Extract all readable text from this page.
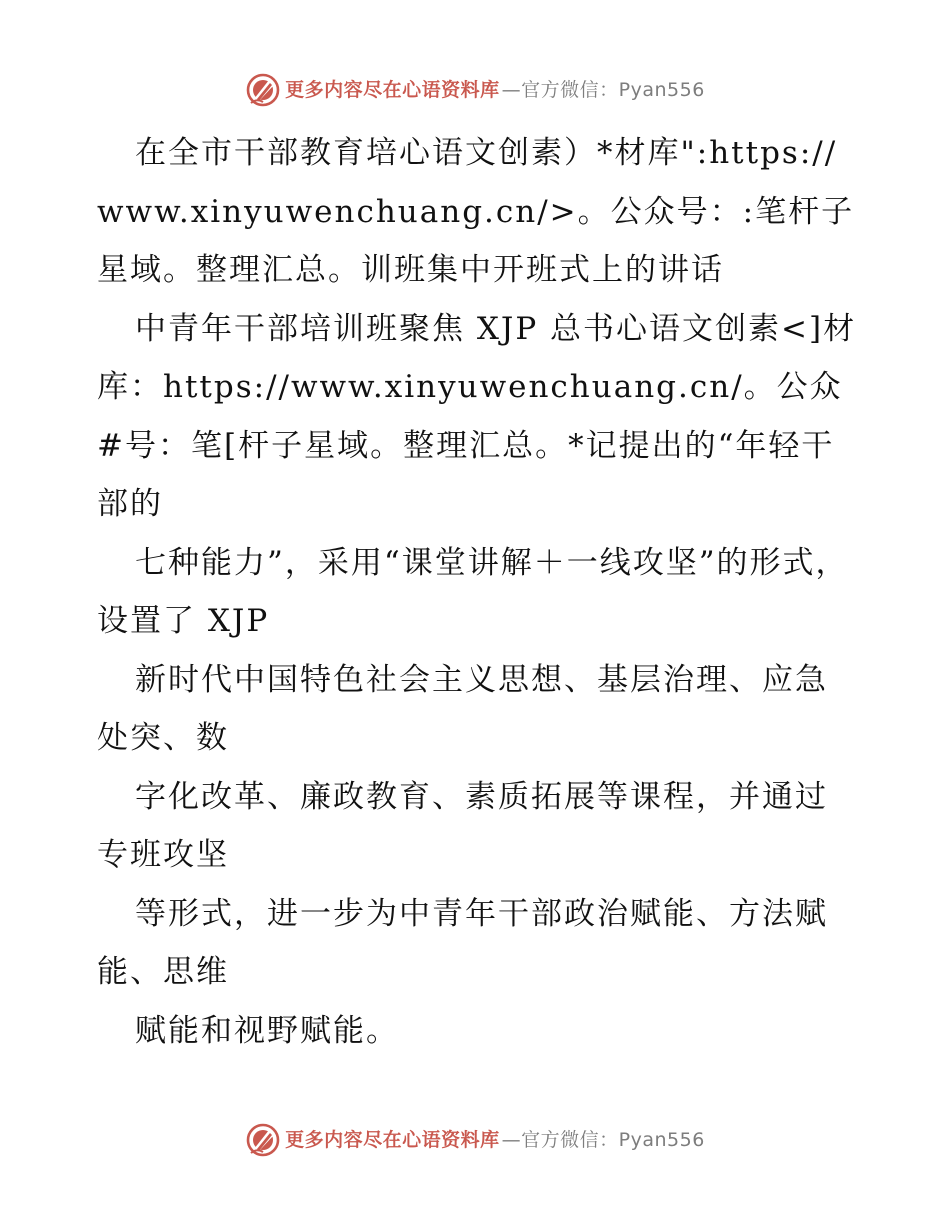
更多内容尽在心语资料库 —官方微信：Pyan556

在全市干部教育培心语文创素）*材库":https://www.xinyuwenchuang.cn/>。公众号：:笔杆子星域。整理汇总。训班集中开班式上的讲话

中青年干部培训班聚焦 XJP 总书心语文创素<]材库：https://www.xinyuwenchuang.cn/。公众#号：笔[杆子星域。整理汇总。*记提出的“年轻干部的

七种能力”，采用“课堂讲解＋一线攻坚”的形式，设置了 XJP

新时代中国特色社会主义思想、基层治理、应急处突、数

字化改革、廉政教育、素质拓展等课程，并通过专班攻坚

等形式，进一步为中青年干部政治赋能、方法赋能、思维

赋能和视野赋能。

更多内容尽在心语资料库 —官方微信：Pyan556
